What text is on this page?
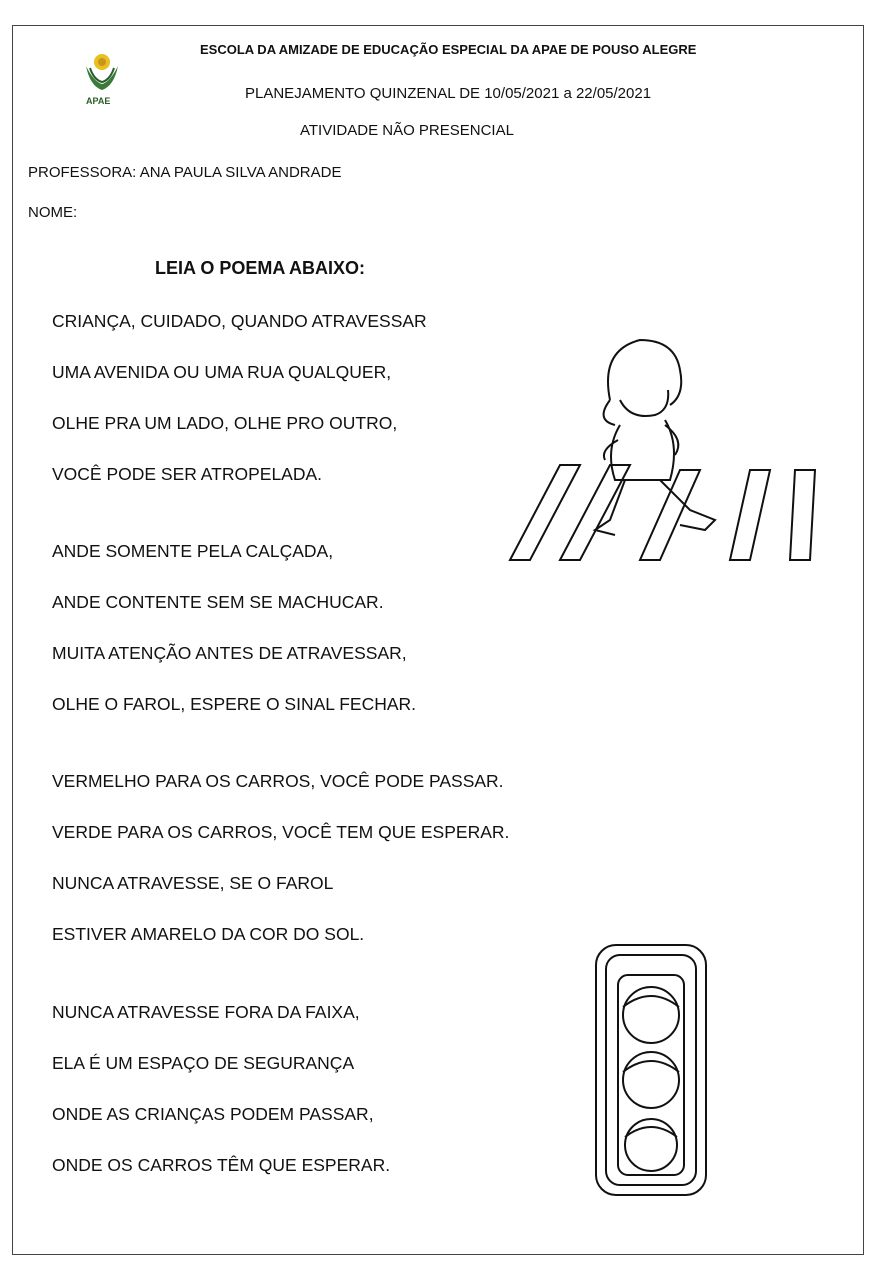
APAE
ESCOLA DA AMIZADE DE EDUCAÇÃO ESPECIAL DA APAE DE POUSO ALEGRE
PLANEJAMENTO QUINZENAL DE 10/05/2021 a 22/05/2021
ATIVIDADE NÃO PRESENCIAL
PROFESSORA: ANA PAULA SILVA ANDRADE
NOME:
LEIA O POEMA ABAIXO:
CRIANÇA, CUIDADO, QUANDO ATRAVESSAR
UMA AVENIDA OU UMA RUA QUALQUER,
OLHE PRA UM LADO, OLHE PRO OUTRO,
VOCÊ PODE SER ATROPELADA.
ANDE SOMENTE PELA CALÇADA,
ANDE CONTENTE SEM SE MACHUCAR.
MUITA ATENÇÃO ANTES DE ATRAVESSAR,
OLHE O FAROL, ESPERE O SINAL FECHAR.
VERMELHO PARA OS CARROS, VOCÊ PODE PASSAR.
VERDE PARA OS CARROS, VOCÊ TEM QUE ESPERAR.
NUNCA ATRAVESSE, SE O FAROL
ESTIVER AMARELO DA COR DO SOL.
NUNCA ATRAVESSE FORA DA FAIXA,
ELA É UM ESPAÇO DE SEGURANÇA
ONDE AS CRIANÇAS PODEM PASSAR,
ONDE OS CARROS TÊM QUE ESPERAR.
